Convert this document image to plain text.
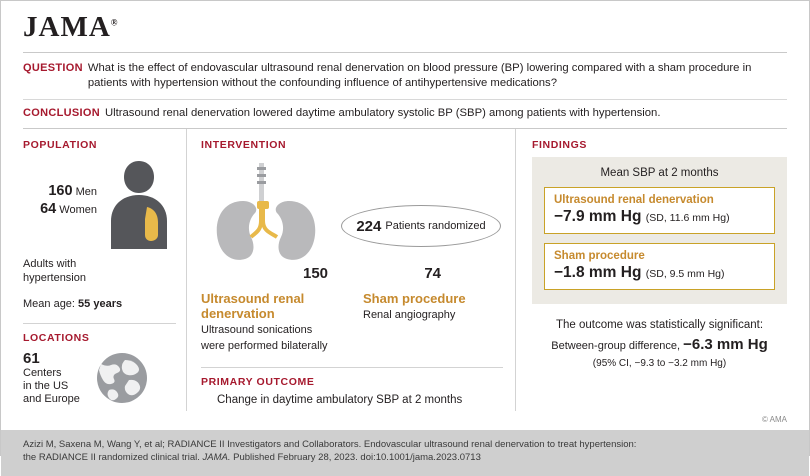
JAMA®
QUESTION What is the effect of endovascular ultrasound renal denervation on blood pressure (BP) lowering compared with a sham procedure in patients with hypertension without the confounding influence of antihypertensive medications?
CONCLUSION Ultrasound renal denervation lowered daytime ambulatory systolic BP (SBP) among patients with hypertension.
POPULATION
160 Men
64 Women
Adults with
hypertension
Mean age: 55 years
LOCATIONS
61
Centers
in the US
and Europe
INTERVENTION
224 Patients randomized
150	74
Ultrasound renal
denervation
Ultrasound sonications
were performed bilaterally
Sham procedure
Renal angiography
PRIMARY OUTCOME
Change in daytime ambulatory SBP at 2 months
FINDINGS
Mean SBP at 2 months
Ultrasound renal denervation
−7.9 mm Hg (SD, 11.6 mm Hg)
Sham procedure
−1.8 mm Hg (SD, 9.5 mm Hg)
The outcome was statistically significant:
Between-group difference, −6.3 mm Hg
(95% CI, −9.3 to −3.2 mm Hg)
© AMA
Azizi M, Saxena M, Wang Y, et al; RADIANCE II Investigators and Collaborators. Endovascular ultrasound renal denervation to treat hypertension:
the RADIANCE II randomized clinical trial. JAMA. Published February 28, 2023. doi:10.1001/jama.2023.0713
